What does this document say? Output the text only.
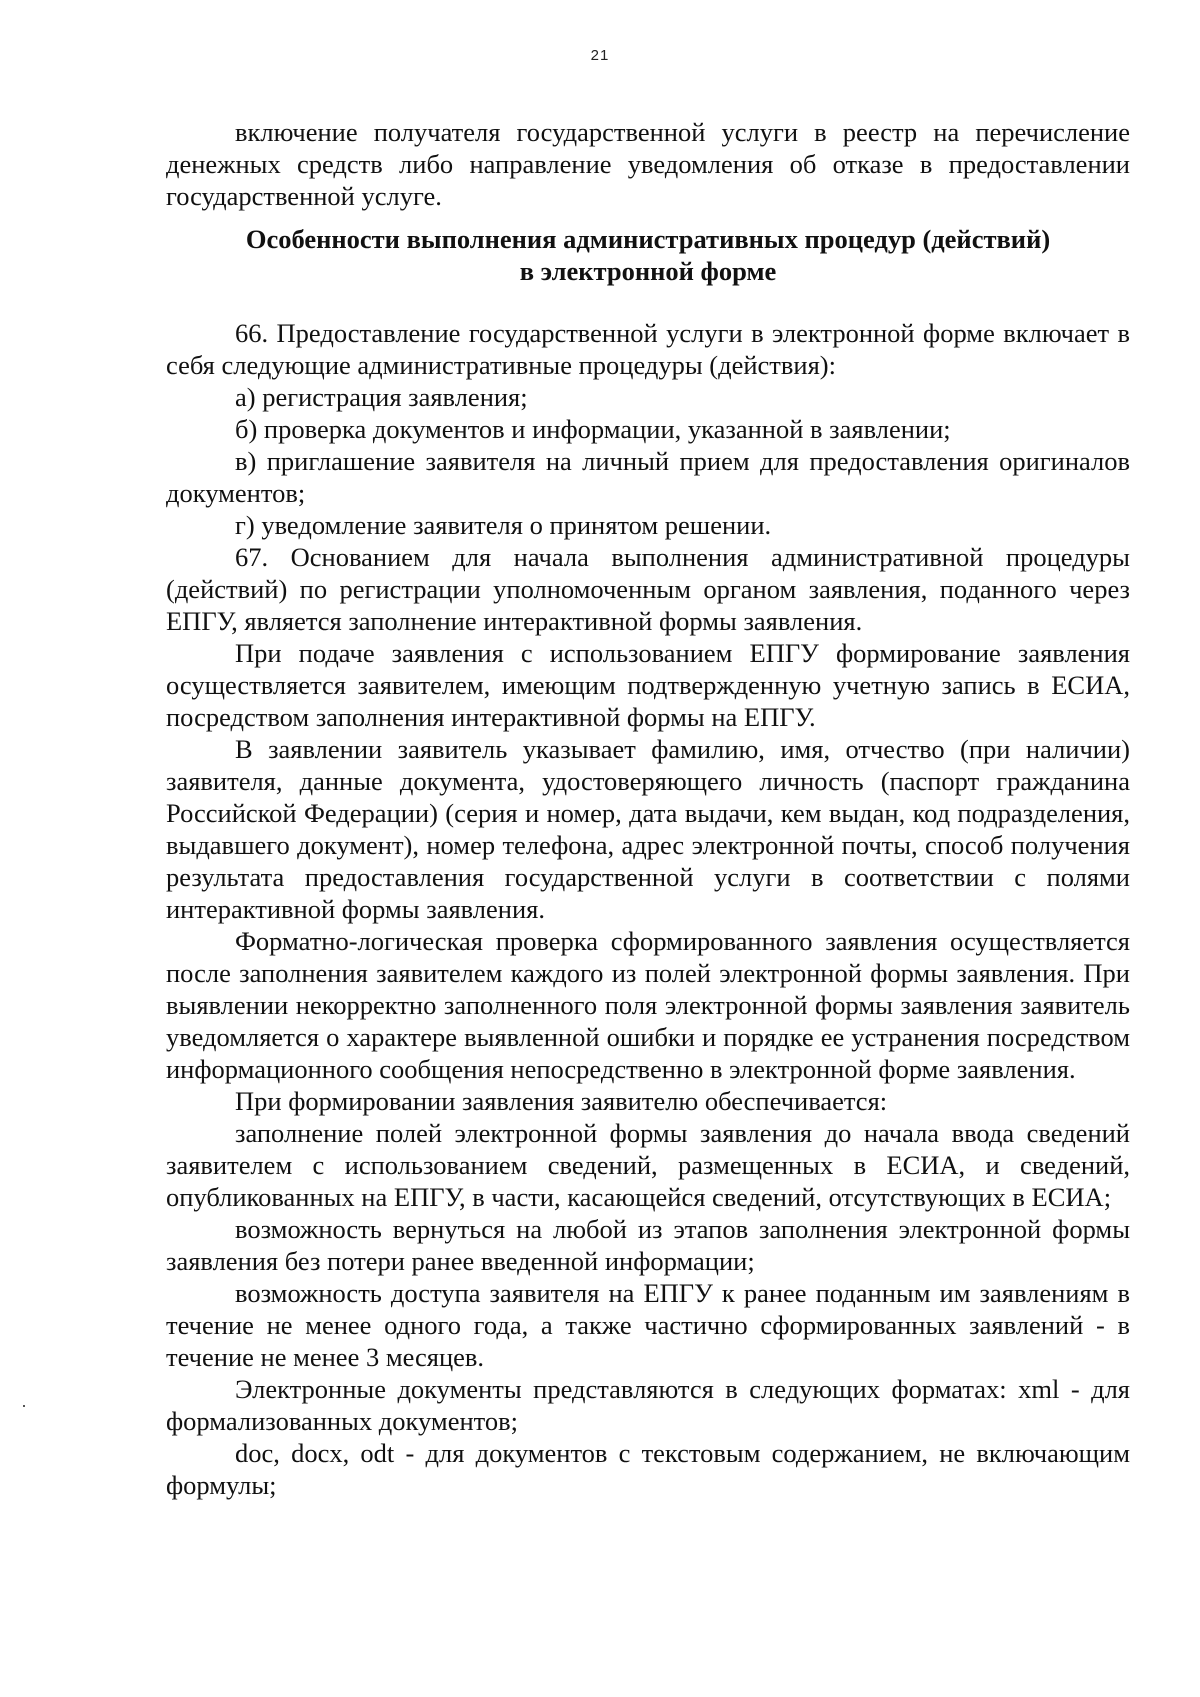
21

включение получателя государственной услуги в реестр на перечисление денежных средств либо направление уведомления об отказе в предоставлении государственной услуге.

Особенности выполнения административных процедур (действий)
в электронной форме

66. Предоставление государственной услуги в электронной форме включает в себя следующие административные процедуры (действия):

а) регистрация заявления;

б) проверка документов и информации, указанной в заявлении;

в) приглашение заявителя на личный прием для предоставления оригиналов документов;

г) уведомление заявителя о принятом решении.

67. Основанием для начала выполнения административной процедуры (действий) по регистрации уполномоченным органом заявления, поданного через ЕПГУ, является заполнение интерактивной формы заявления.

При подаче заявления с использованием ЕПГУ формирование заявления осуществляется заявителем, имеющим подтвержденную учетную запись в ЕСИА, посредством заполнения интерактивной формы на ЕПГУ.

В заявлении заявитель указывает фамилию, имя, отчество (при наличии) заявителя, данные документа, удостоверяющего личность (паспорт гражданина Российской Федерации) (серия и номер, дата выдачи, кем выдан, код подразделения, выдавшего документ), номер телефона, адрес электронной почты, способ получения результата предоставления государственной услуги в соответствии с полями интерактивной формы заявления.

Форматно-логическая проверка сформированного заявления осуществляется после заполнения заявителем каждого из полей электронной формы заявления. При выявлении некорректно заполненного поля электронной формы заявления заявитель уведомляется о характере выявленной ошибки и порядке ее устранения посредством информационного сообщения непосредственно в электронной форме заявления.

При формировании заявления заявителю обеспечивается:

заполнение полей электронной формы заявления до начала ввода сведений заявителем с использованием сведений, размещенных в ЕСИА, и сведений, опубликованных на ЕПГУ, в части, касающейся сведений, отсутствующих в ЕСИА;

возможность вернуться на любой из этапов заполнения электронной формы заявления без потери ранее введенной информации;

возможность доступа заявителя на ЕПГУ к ранее поданным им заявлениям в течение не менее одного года, а также частично сформированных заявлений - в течение не менее 3 месяцев.

Электронные документы представляются в следующих форматах: xml - для формализованных документов;

doc, docx, odt - для документов с текстовым содержанием, не включающим формулы;
